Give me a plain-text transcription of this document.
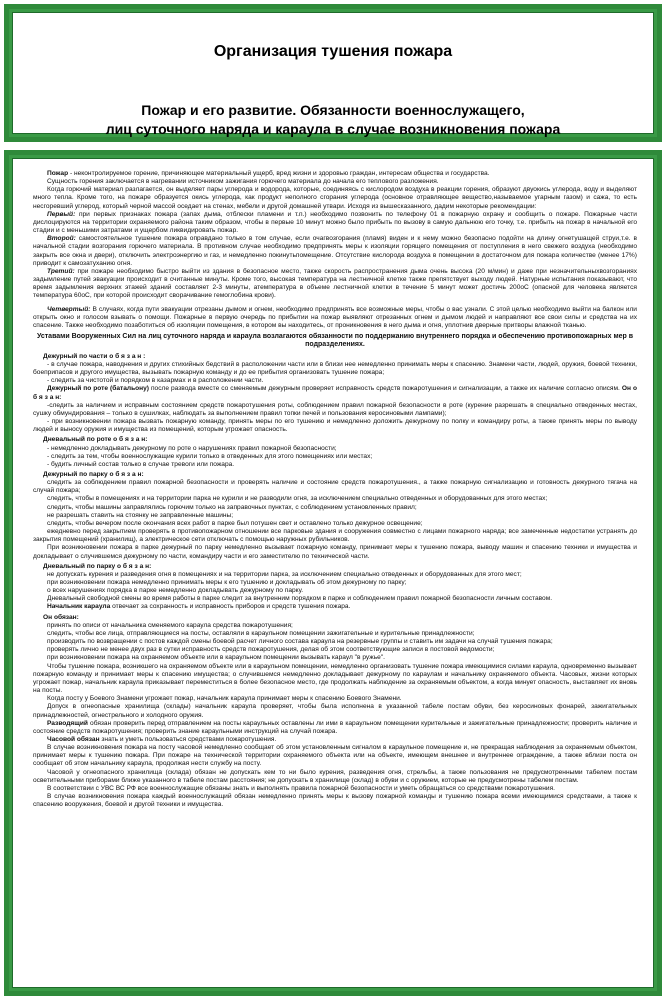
Организация тушения пожара
Пожар и его развитие. Обязанности военнослужащего,
лиц суточного наряда и караула в случае возникновения пожара

Пожар - неконтролируемое горение, причиняющее материальный ущерб, вред жизни и здоровью граждан, интересам общества и государства.

Сущность горения заключается в нагревании источником зажигания горючего материала до начала его теплового разложения.

Когда горючий материал разлагается, он выделяет пары углерода и водорода, которые, соединяясь с кислородом воздуха в реакции горения, образуют двуокись углерода, воду и выделяют много тепла. Кроме того, на пожаре образуется окись углерода, как продукт неполного сгорания углерода (основное отравляющее вещество,называемое угарным газом) и сажа, то есть несгоревший углерод, который черной массой оседает на стенах, мебели и другой домашней утвари. Исходя из вышесказанного, дадим некоторые рекомендации:

Первый: при первых признаках пожара (запах дыма, отблески пламени и т.п.) необходимо позвонить по телефону 01 в пожарную охрану и сообщить о пожаре. Пожарные части дислоцируются на территории охраняемого района таким образом, чтобы в первые 10 минут можно было прибыть по вызову в самую дальнюю его точку, т.е. прибыть на пожар в начальной его стадии и с меньшими затратами и ущербом ликвидировать пожар.

Второй: самостоятельное тушение пожара оправдано только в том случае, если очагвозгорания (пламя) виден и к нему можно безопасно подойти на длину огнетушащей струи,т.е. в начальной стадии возгорания горючего материала. В противном случае необходимо предпринять меры к изоляции горящего помещения от поступления в него свежего воздуха (необходимо закрыть все окна и двери), отключить электроэнергию и газ, и немедленно покинутьпомещение. Отсутствие кислорода воздуха в помещении в достаточном для пожара количестве (менее 17%) приводит к самозатуханию огня.

Третий: при пожаре необходимо быстро выйти из здания в безопасное место, также скорость распространения дыма очень высока (20 м/мин) и даже при незначительныхвозгораниях задымление путей эвакуации происходит в считанные минуты. Кроме того, высокая температура на лестничной клетке также препятствует выходу людей. Натурные испытания показывают, что время задымления верхних этажей зданий составляет 2-3 минуты, атемпература в объеме лестничной клетки в течение 5 минут может достичь 200оС (опасной для человека является температура 60оС, при которой происходит сворачивание гемоглобина крови).

Четвертый: В случаях, когда пути эвакуации отрезаны дымом и огнем, необходимо предпринять все возможные меры, чтобы о вас узнали. С этой целью необходимо выйти на балкон или открыть окно и голосом взывать о помощи. Пожарные в первую очередь по прибытии на пожар выявляют отрезанных огнем и дымом людей и направляют все свои силы и средства на их спасение. Также необходимо позаботиться об изоляции помещения, в котором вы находитесь, от проникновения в него дыма и огня, уплотнив дверные притворы влажной тканью.

Уставами Вооруженных Сил на лиц суточного наряда и караула возлагаются обязанности по поддержанию внутреннего порядка и обеспечению противопожарных мер в подразделениях.

Дежурный по части о б я з а н :

- в случае пожара, наводнения и других стихийных бедствий в расположении части или в близи нее немедленно принимать меры к спасению. Знамени части, людей, оружия, боевой техники, боеприпасов и другого имущества, вызывать пожарную команду и до ее прибытия организовать тушение пожара;

- следить за чистотой и порядком в казармах и в расположении части.

Дежурный по роте (батальону) после развода вместе со сменяемым дежурным проверяет исправность средств пожаротушения и сигнализации, а также их наличие согласно описям. Он о б я з а н:

-следить за наличием и исправным состоянием средств пожаротушения роты, соблюдением правил пожарной безопасности в роте (курение разрешать в специально отведенных местах, сушку обмундирования – только в сушилках, наблюдать за выполнением правил топки печей и пользования керосиновыми лампами);

- при возникновении пожара вызвать пожарную команду, принять меры по его тушению и немедленно доложить дежурному по полку и командиру роты, а также принять меры по выводу людей и выносу оружия и имущества из помещений, которым угрожает опасность.

Дневальный по роте о б я з а н:

- немедленно докладывать дежурному по роте о нарушениях правил пожарной безопасности;

- следить за тем, чтобы военнослужащие курили только в отведенных для этого помещениях или местах;

- будить личный состав только в случае тревоги или пожара.

Дежурный по парку о б я з а н:

следить за соблюдением правил пожарной безопасности и проверять наличие и состояние средств пожаротушения., а также пожарную сигнализацию и готовность дежурного тягача на случай пожара;

следить, чтобы в помещениях и на территории парка не курили и не разводили огня, за исключением специально отведенных и оборудованных для этого местах;

следить, чтобы машины заправлялись горючим только на заправочных пунктах, с соблюдением установленных правил;

не разрешать ставить на стоянку не заправленные машины;

следить, чтобы вечером после окончания всех работ в парке был потушен свет и оставлено только дежурное освещение;

ежедневно перед закрытием проверять в противопожарном отношении все парковые здания и сооружения совместно с лицами пожарного наряда; все замеченные недостатки устранять до закрытия помещений (хранилищ), а электрическое сети отключать с помощью наружных рубильников.

При возникновении пожара в парке дежурный по парку немедленно вызывает пожарную команду, принимает меры к тушению пожара, выводу машин и спасению техники и имущества и докладывает о случившемся дежурному по части, командиру части и его заместителю по технической части.

Дневальный по парку о б я з а н:

не допускать курения и разведения огня в помещениях и на территории парка, за исключением специально отведенных и оборудованных для этого мест;

при возникновении пожара немедленно принимать меры к его тушению и докладывать об этом дежурному по парку;

о всех нарушениях порядка в парке немедленно докладывать дежурному по парку.

Дневальный свободной смены во время работы в парке следит за внутренним порядком в парке и соблюдением правил пожарной безопасности личным составом.

Начальник караула отвечает за сохранность и исправность приборов и средств тушения пожара.

Он обязан:

принять по описи от начальника сменяемого караула средства пожаротушения;

следить, чтобы все лица, отправляющиеся на посты, оставляли в караульном помещении зажигательные и курительные принадлежности;

производить по возвращении с постов каждой смены боевой расчет личного состава караула на резервные группы и ставить им задачи на случай тушения пожара;

проверять лично не менее двух раз в сутки исправность средств пожаротушения, делая об этом соответствующие записи в постовой ведомости;

при возникновении пожара на охраняемом объекте или в караульном помещении вызывать караул "в ружье".

Чтобы тушение пожара, возникшего на охраняемом объекте или в караульном помещении, немедленно организовать тушение пожара имеющимися силами караула, одновременно вызывает пожарную команду и принимает меры к спасению имущества; о случившемся немедленно докладывает дежурному по караулам и начальнику охраняемого объекта. Часовых, жизни которых угрожает пожар, начальник караула приказывает переместиться в более безопасное место, где продолжать наблюдение за охраняемым объектом, а когда минует опасность, выставляет их вновь на посты.

Когда посту у Боевого Знамени угрожает пожар, начальник караула принимает меры к спасению Боевого Знамени.

Допуск в огнеопасные хранилища (склады) начальник караула проверяет, чтобы была исполнена в указанной табеле постам обуви, без керосиновых фонарей, зажигательных принадлежностей, огнестрельного и холодного оружия.

Разводящий обязан проверить перед отправлением на посты караульных оставлены ли ими в караульном помещении курительные и зажигательные принадлежности; проверить наличие и состояние средств пожаротушения; проверить знание караульными инструкций на случай пожара.

Часовой обязан знать и уметь пользоваться средствами пожаротушения.

В случае возникновения пожара на посту часовой немедленно сообщает об этом установленным сигналом в караульное помещение и, не прекращая наблюдения за охраняемым объектом, принимает меры к тушению пожара. При пожаре на технической территории охраняемого объекта или на объекте, имеющем внешнее и внутреннее ограждение, а также вблизи поста он сообщает об этом начальнику караула, продолжая нести службу на посту.

Часовой у огнеопасного хранилища (склада) обязан не допускать кем то ни было курения, разведения огня, стрельбы, а также пользования не предусмотренными табелем постам осветительными приборами ближе указанного в табеле постам расстояния; не допускать в хранилище (склад) в обуви и с оружием, которые не предусмотрены табелем постам.

В соответствии с УВС ВС РФ все военнослужащие обязаны знать и выполнять правила пожарной безопасности и уметь обращаться со средствами пожаротушения.

В случае возникновения пожара каждый военнослужащий обязан немедленно принять меры к вызову пожарной команды и тушению пожара всеми имеющимися средствами, а также к спасению вооружения, боевой и другой техники и имущества.
